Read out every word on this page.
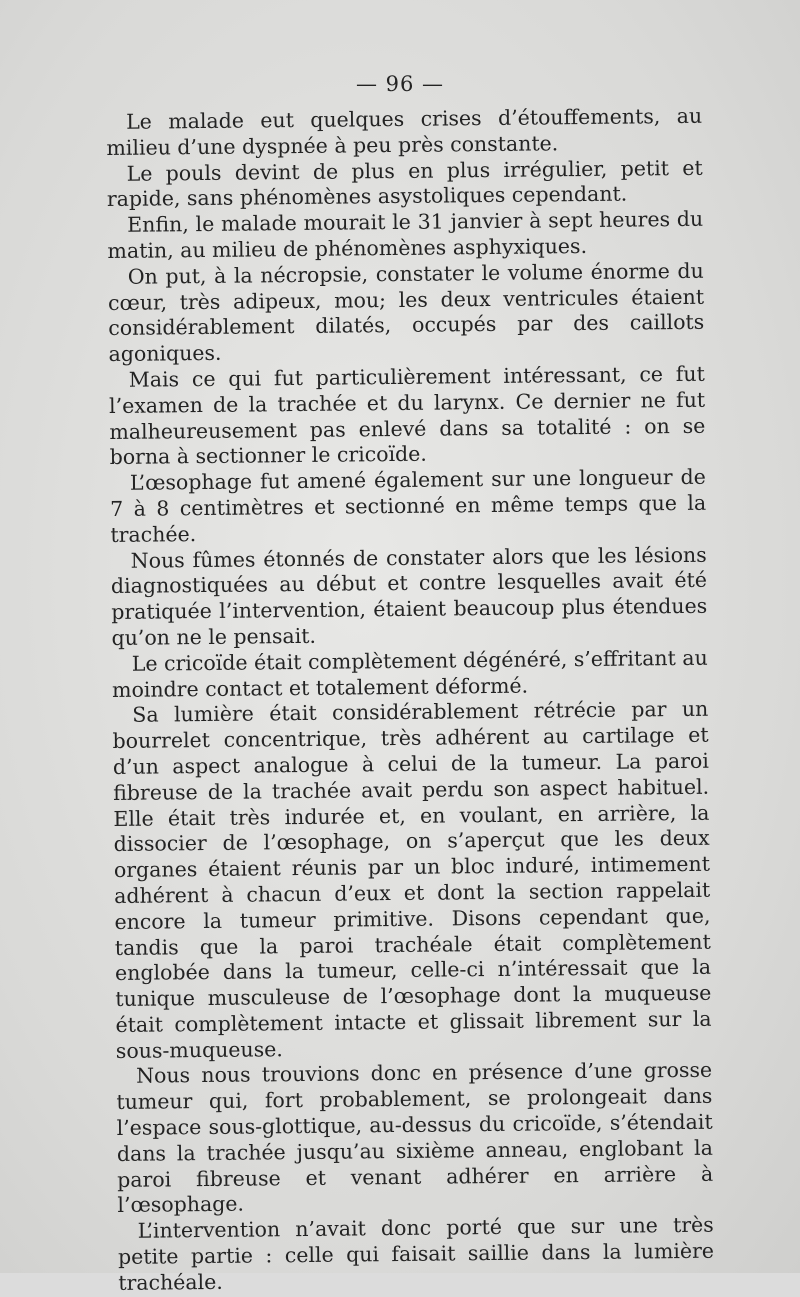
— 96 —

Le malade eut quelques crises d’étouffements, au milieu d’une dyspnée à peu près constante.

Le pouls devint de plus en plus irrégulier, petit et rapide, sans phénomènes asystoliques cependant.

Enfin, le malade mourait le 31 janvier à sept heures du matin, au milieu de phénomènes asphyxiques.

On put, à la nécropsie, constater le volume énorme du cœur, très adipeux, mou; les deux ventricules étaient considérablement dilatés, occupés par des caillots agoniques.

Mais ce qui fut particulièrement intéressant, ce fut l’examen de la trachée et du larynx. Ce dernier ne fut malheureusement pas enlevé dans sa totalité : on se borna à sectionner le cricoïde.

L’œsophage fut amené également sur une longueur de 7 à 8 centimètres et sectionné en même temps que la trachée.

Nous fûmes étonnés de constater alors que les lésions diagnostiquées au début et contre lesquelles avait été pratiquée l’intervention, étaient beaucoup plus étendues qu’on ne le pensait.

Le cricoïde était complètement dégénéré, s’effritant au moindre contact et totalement déformé.

Sa lumière était considérablement rétrécie par un bourrelet concentrique, très adhérent au cartilage et d’un aspect analogue à celui de la tumeur. La paroi fibreuse de la trachée avait perdu son aspect habituel. Elle était très indurée et, en voulant, en arrière, la dissocier de l’œsophage, on s’aperçut que les deux organes étaient réunis par un bloc induré, intimement adhérent à chacun d’eux et dont la section rappelait encore la tumeur primitive. Disons cependant que, tandis que la paroi trachéale était complètement englobée dans la tumeur, celle-ci n’intéressait que la tunique musculeuse de l’œsophage dont la muqueuse était complètement intacte et glissait librement sur la sous-muqueuse.

Nous nous trouvions donc en présence d’une grosse tumeur qui, fort probablement, se prolongeait dans l’espace sous-glottique, au-dessus du cricoïde, s’étendait dans la trachée jusqu’au sixième anneau, englobant la paroi fibreuse et venant adhérer en arrière à l’œsophage.

L’intervention n’avait donc porté que sur une très petite partie : celle qui faisait saillie dans la lumière trachéale.
